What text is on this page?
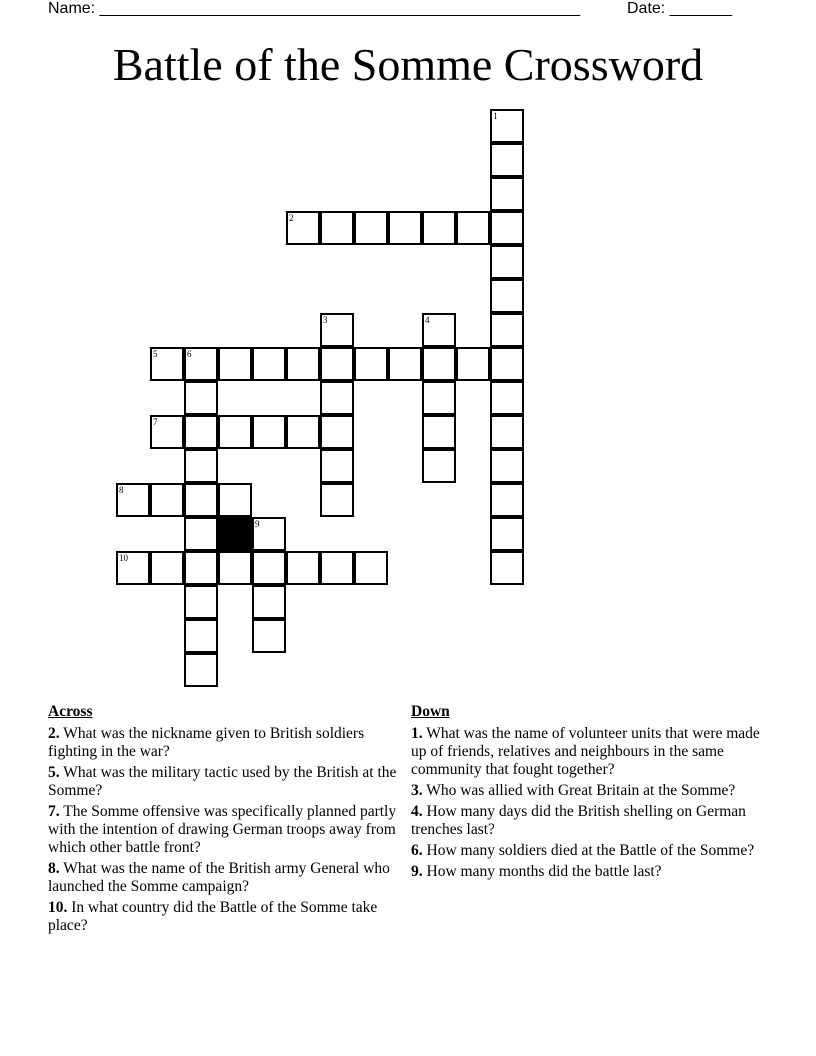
Name: ______________________________________________________	Date: _______
Battle of the Somme Crossword
1
2
3	4
5	6
7
8
9
10
Across
2. What was the nickname given to British soldiers fighting in the war?
5. What was the military tactic used by the British at the Somme?
7. The Somme offensive was specifically planned partly with the intention of drawing German troops away from which other battle front?
8. What was the name of the British army General who launched the Somme campaign?
10. In what country did the Battle of the Somme take place?
Down
1. What was the name of volunteer units that were made up of friends, relatives and neighbours in the same community that fought together?
3. Who was allied with Great Britain at the Somme?
4. How many days did the British shelling on German trenches last?
6. How many soldiers died at the Battle of the Somme?
9. How many months did the battle last?
